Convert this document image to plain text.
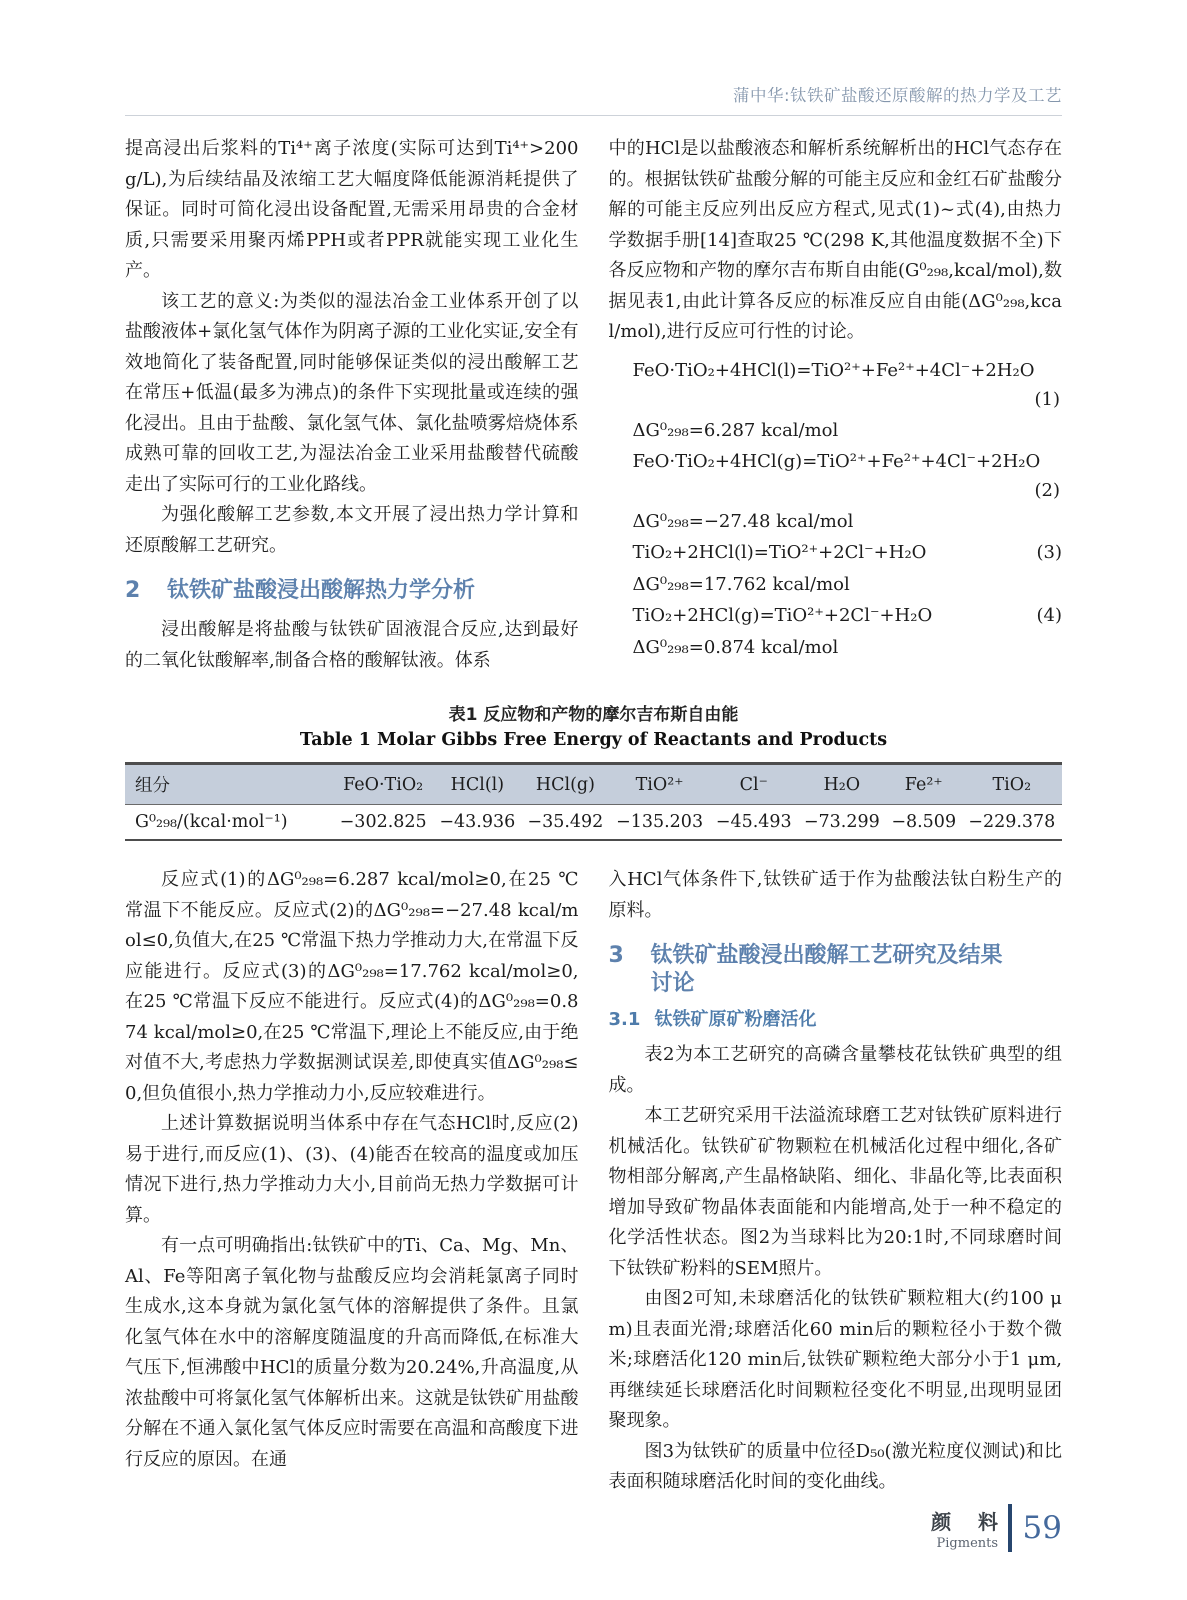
蒲中华:钛铁矿盐酸还原酸解的热力学及工艺

提高浸出后浆料的Ti⁴⁺离子浓度(实际可达到Ti⁴⁺>200 g/L),为后续结晶及浓缩工艺大幅度降低能源消耗提供了保证。同时可简化浸出设备配置,无需采用昂贵的合金材质,只需要采用聚丙烯PPH或者PPR就能实现工业化生产。

该工艺的意义:为类似的湿法冶金工业体系开创了以盐酸液体+氯化氢气体作为阴离子源的工业化实证,安全有效地简化了装备配置,同时能够保证类似的浸出酸解工艺在常压+低温(最多为沸点)的条件下实现批量或连续的强化浸出。且由于盐酸、氯化氢气体、氯化盐喷雾焙烧体系成熟可靠的回收工艺,为湿法冶金工业采用盐酸替代硫酸走出了实际可行的工业化路线。

为强化酸解工艺参数,本文开展了浸出热力学计算和还原酸解工艺研究。

2	钛铁矿盐酸浸出酸解热力学分析

浸出酸解是将盐酸与钛铁矿固液混合反应,达到最好的二氧化钛酸解率,制备合格的酸解钛液。体系

中的HCl是以盐酸液态和解析系统解析出的HCl气态存在的。根据钛铁矿盐酸分解的可能主反应和金红石矿盐酸分解的可能主反应列出反应方程式,见式(1)~式(4),由热力学数据手册[14]查取25 ℃(298 K,其他温度数据不全)下各反应物和产物的摩尔吉布斯自由能(G⁰₂₉₈,kcal/mol),数据见表1,由此计算各反应的标准反应自由能(ΔG⁰₂₉₈,kcal/mol),进行反应可行性的讨论。

FeO·TiO₂+4HCl(l)=TiO²⁺+Fe²⁺+4Cl⁻+2H₂O
(1)
ΔG⁰₂₉₈=6.287 kcal/mol
FeO·TiO₂+4HCl(g)=TiO²⁺+Fe²⁺+4Cl⁻+2H₂O
(2)
ΔG⁰₂₉₈=−27.48 kcal/mol
TiO₂+2HCl(l)=TiO²⁺+2Cl⁻+H₂O	(3)
ΔG⁰₂₉₈=17.762 kcal/mol
TiO₂+2HCl(g)=TiO²⁺+2Cl⁻+H₂O	(4)
ΔG⁰₂₉₈=0.874 kcal/mol
表1 反应物和产物的摩尔吉布斯自由能
Table 1 Molar Gibbs Free Energy of Reactants and Products
组分	FeO·TiO₂	HCl(l)	HCl(g)	TiO²⁺	Cl⁻	H₂O	Fe²⁺	TiO₂
G⁰₂₉₈/(kcal·mol⁻¹)	−302.825	−43.936	−35.492	−135.203	−45.493	−73.299	−8.509	−229.378

反应式(1)的ΔG⁰₂₉₈=6.287 kcal/mol≥0,在25 ℃常温下不能反应。反应式(2)的ΔG⁰₂₉₈=−27.48 kcal/mol≤0,负值大,在25 ℃常温下热力学推动力大,在常温下反应能进行。反应式(3)的ΔG⁰₂₉₈=17.762 kcal/mol≥0,在25 ℃常温下反应不能进行。反应式(4)的ΔG⁰₂₉₈=0.874 kcal/mol≥0,在25 ℃常温下,理论上不能反应,由于绝对值不大,考虑热力学数据测试误差,即使真实值ΔG⁰₂₉₈≤0,但负值很小,热力学推动力小,反应较难进行。

上述计算数据说明当体系中存在气态HCl时,反应(2)易于进行,而反应(1)、(3)、(4)能否在较高的温度或加压情况下进行,热力学推动力大小,目前尚无热力学数据可计算。

有一点可明确指出:钛铁矿中的Ti、Ca、Mg、Mn、Al、Fe等阳离子氧化物与盐酸反应均会消耗氯离子同时生成水,这本身就为氯化氢气体的溶解提供了条件。且氯化氢气体在水中的溶解度随温度的升高而降低,在标准大气压下,恒沸酸中HCl的质量分数为20.24%,升高温度,从浓盐酸中可将氯化氢气体解析出来。这就是钛铁矿用盐酸分解在不通入氯化氢气体反应时需要在高温和高酸度下进行反应的原因。在通

入HCl气体条件下,钛铁矿适于作为盐酸法钛白粉生产的原料。

3	钛铁矿盐酸浸出酸解工艺研究及结果
讨论
3.1 钛铁矿原矿粉磨活化

表2为本工艺研究的高磷含量攀枝花钛铁矿典型的组成。

本工艺研究采用干法溢流球磨工艺对钛铁矿原料进行机械活化。钛铁矿矿物颗粒在机械活化过程中细化,各矿物相部分解离,产生晶格缺陷、细化、非晶化等,比表面积增加导致矿物晶体表面能和内能增高,处于一种不稳定的化学活性状态。图2为当球料比为20:1时,不同球磨时间下钛铁矿粉料的SEM照片。

由图2可知,未球磨活化的钛铁矿颗粒粗大(约100 μm)且表面光滑;球磨活化60 min后的颗粒径小于数个微米;球磨活化120 min后,钛铁矿颗粒绝大部分小于1 μm,再继续延长球磨活化时间颗粒径变化不明显,出现明显团聚现象。

图3为钛铁矿的质量中位径D₅₀(激光粒度仪测试)和比表面积随球磨活化时间的变化曲线。

颜 料
Pigments 59
